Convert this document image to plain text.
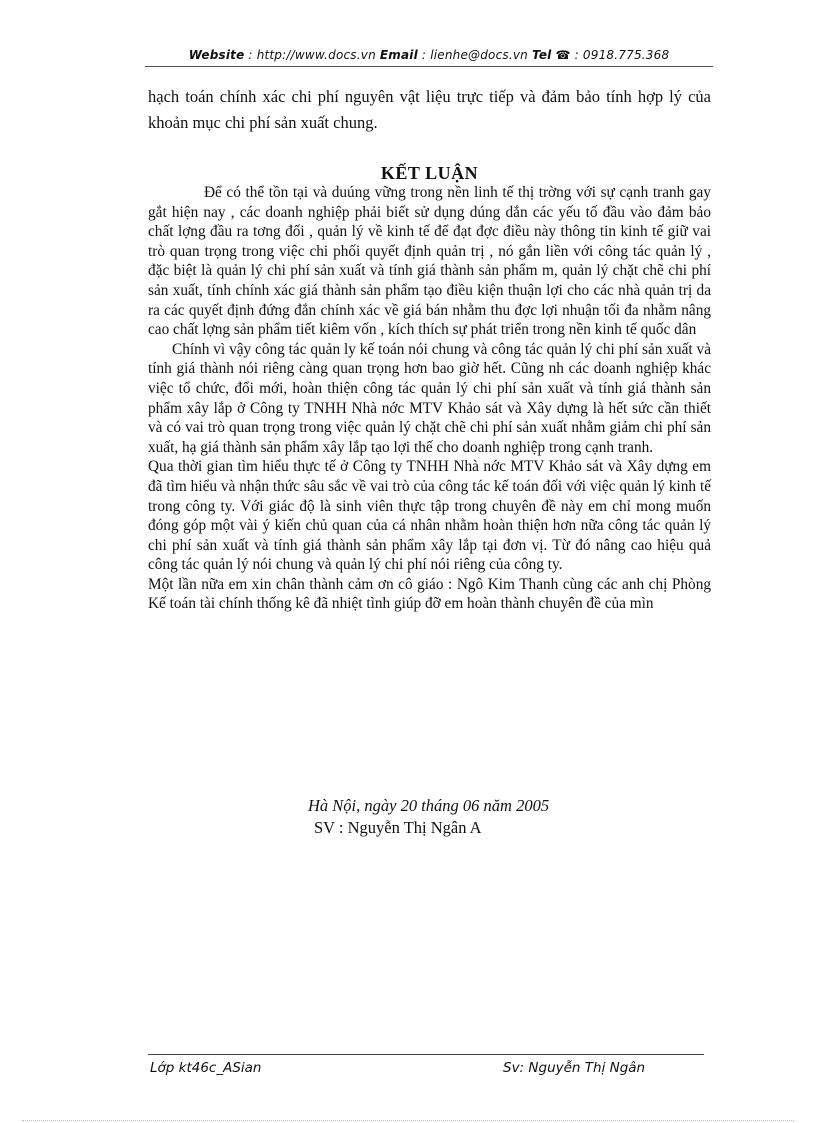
Website : http://www.docs.vn Email : lienhe@docs.vn Tel ☎ : 0918.775.368
hạch toán chính xác chi phí nguyên vật liệu trực tiếp và đảm bảo tính hợp lý của khoản mục chi phí sản xuất chung.
KẾT LUẬN

Để có thể tồn tại và duúng vững trong nền linh tế thị trờng với sự cạnh tranh gay gắt hiện nay , các doanh nghiệp phải biết sử dụng dúng dắn các yếu tố đầu vào đảm bảo chất lợng đầu ra tơng đối , quản lý về kinh tế để đạt đợc điều này thông tin kinh tế giữ vai trò quan trọng trong việc chi phối quyết định quản trị , nó gắn liền với công tác quản lý , đặc biệt là quản lý chi phí sản xuất và tính giá thành sản phẩm m, quản lý chặt chẽ chi phí sản xuất, tính chính xác giá thành sản phẩm tạo điều kiện thuận lợi cho các nhà quản trị da ra các quyết định đứng đắn chính xác về giá bán nhằm thu đợc lợi nhuận tối đa nhằm nâng cao chất lợng sản phẩm tiết kiêm vốn , kích thích sự phát triển trong nền kinh tế quốc dân

Chính vì vậy công tác quản ly kế toán nói chung và công tác quản lý chi phí sản xuất và tính giá thành nói riêng càng quan trọng hơn bao giờ hết. Cũng nh các doanh nghiệp khác việc tổ chức, đổi mới, hoàn thiện công tác quản lý chi phí sản xuất và tính giá thành sản phẩm xây lắp ở Công ty TNHH Nhà nớc MTV Khảo sát và Xây dựng là hết sức cần thiết và có vai trò quan trọng trong việc quản lý chặt chẽ chi phí sản xuất nhằm giảm chi phí sản xuất, hạ giá thành sản phẩm xây lắp tạo lợi thế cho doanh nghiệp trong cạnh tranh.

Qua thời gian tìm hiểu thực tế ở Công ty TNHH Nhà nớc MTV Khảo sát và Xây dựng em đã tìm hiểu và nhận thức sâu sắc về vai trò của công tác kế toán đối với việc quản lý kinh tế trong công ty. Với giác độ là sinh viên thực tập trong chuyên đề này em chỉ mong muốn đóng góp một vài ý kiến chủ quan của cá nhân nhằm hoàn thiện hơn nữa công tác quản lý chi phí sản xuất và tính giá thành sản phẩm xây lắp tại đơn vị. Từ đó nâng cao hiệu quả công tác quản lý nói chung và quản lý chi phí nói riêng của công ty.

Một lần nữa em xin chân thành cảm ơn cô giáo : Ngô Kim Thanh cùng các anh chị Phòng Kế toán tài chính thống kê đã nhiệt tình giúp đỡ em hoàn thành chuyên đề của mìn

Hà Nội, ngày 20 tháng 06 năm 2005
SV : Nguyễn Thị Ngân A
Lớp kt46c_ASian	Sv: Nguyễn Thị Ngân
